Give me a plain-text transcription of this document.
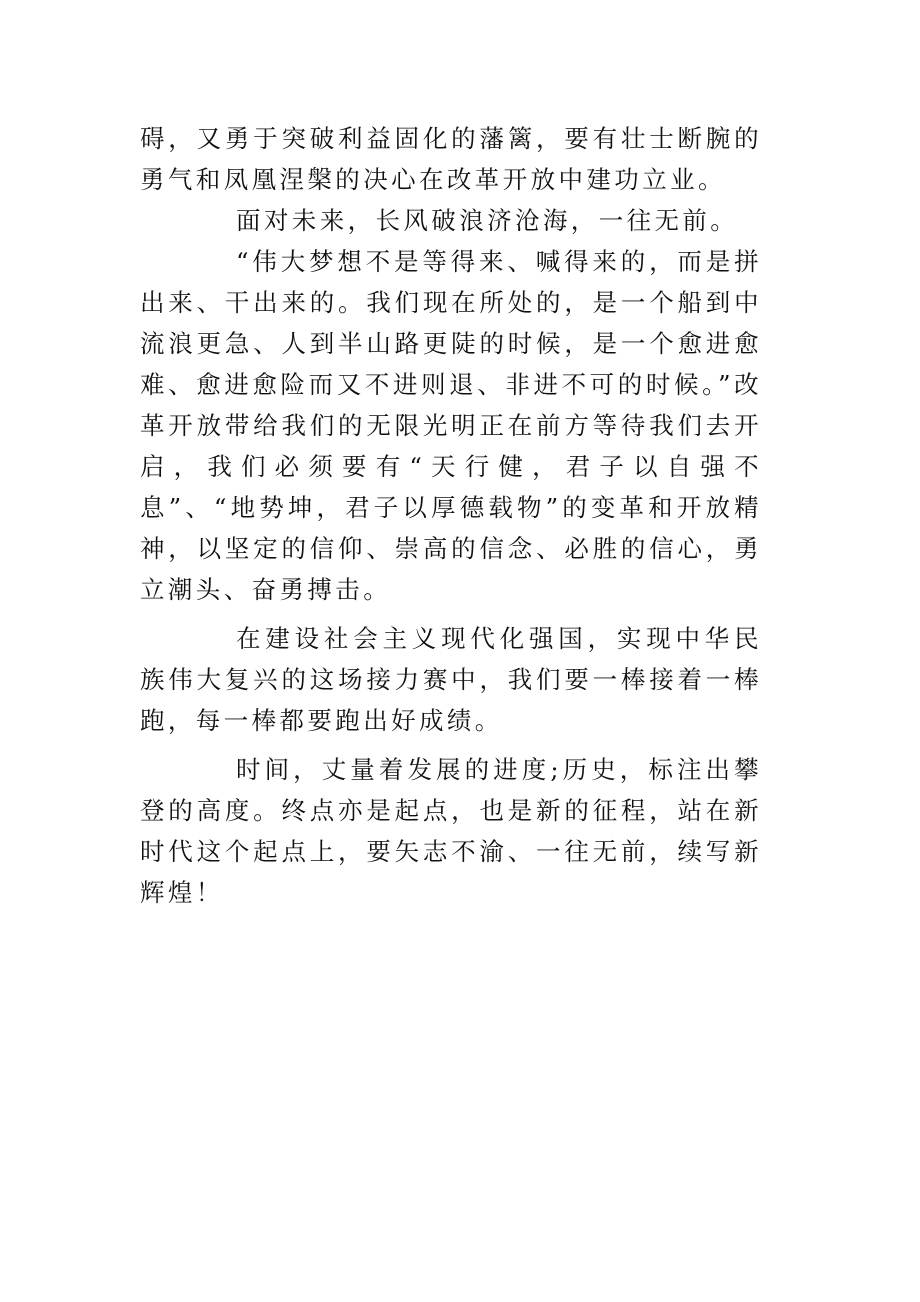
碍，又勇于突破利益固化的藩篱，要有壮士断腕的勇气和凤凰涅槃的决心在改革开放中建功立业。

面对未来，长风破浪济沧海，一往无前。

“伟大梦想不是等得来、喊得来的，而是拼出来、干出来的。我们现在所处的，是一个船到中流浪更急、人到半山路更陡的时候，是一个愈进愈难、愈进愈险而又不进则退、非进不可的时候。”改革开放带给我们的无限光明正在前方等待我们去开启，我们必须要有“天行健，君子以自强不息”、“地势坤，君子以厚德载物”的变革和开放精神，以坚定的信仰、崇高的信念、必胜的信心，勇立潮头、奋勇搏击。

在建设社会主义现代化强国，实现中华民族伟大复兴的这场接力赛中，我们要一棒接着一棒跑，每一棒都要跑出好成绩。

时间，丈量着发展的进度;历史，标注出攀登的高度。终点亦是起点，也是新的征程，站在新时代这个起点上，要矢志不渝、一往无前，续写新辉煌！
